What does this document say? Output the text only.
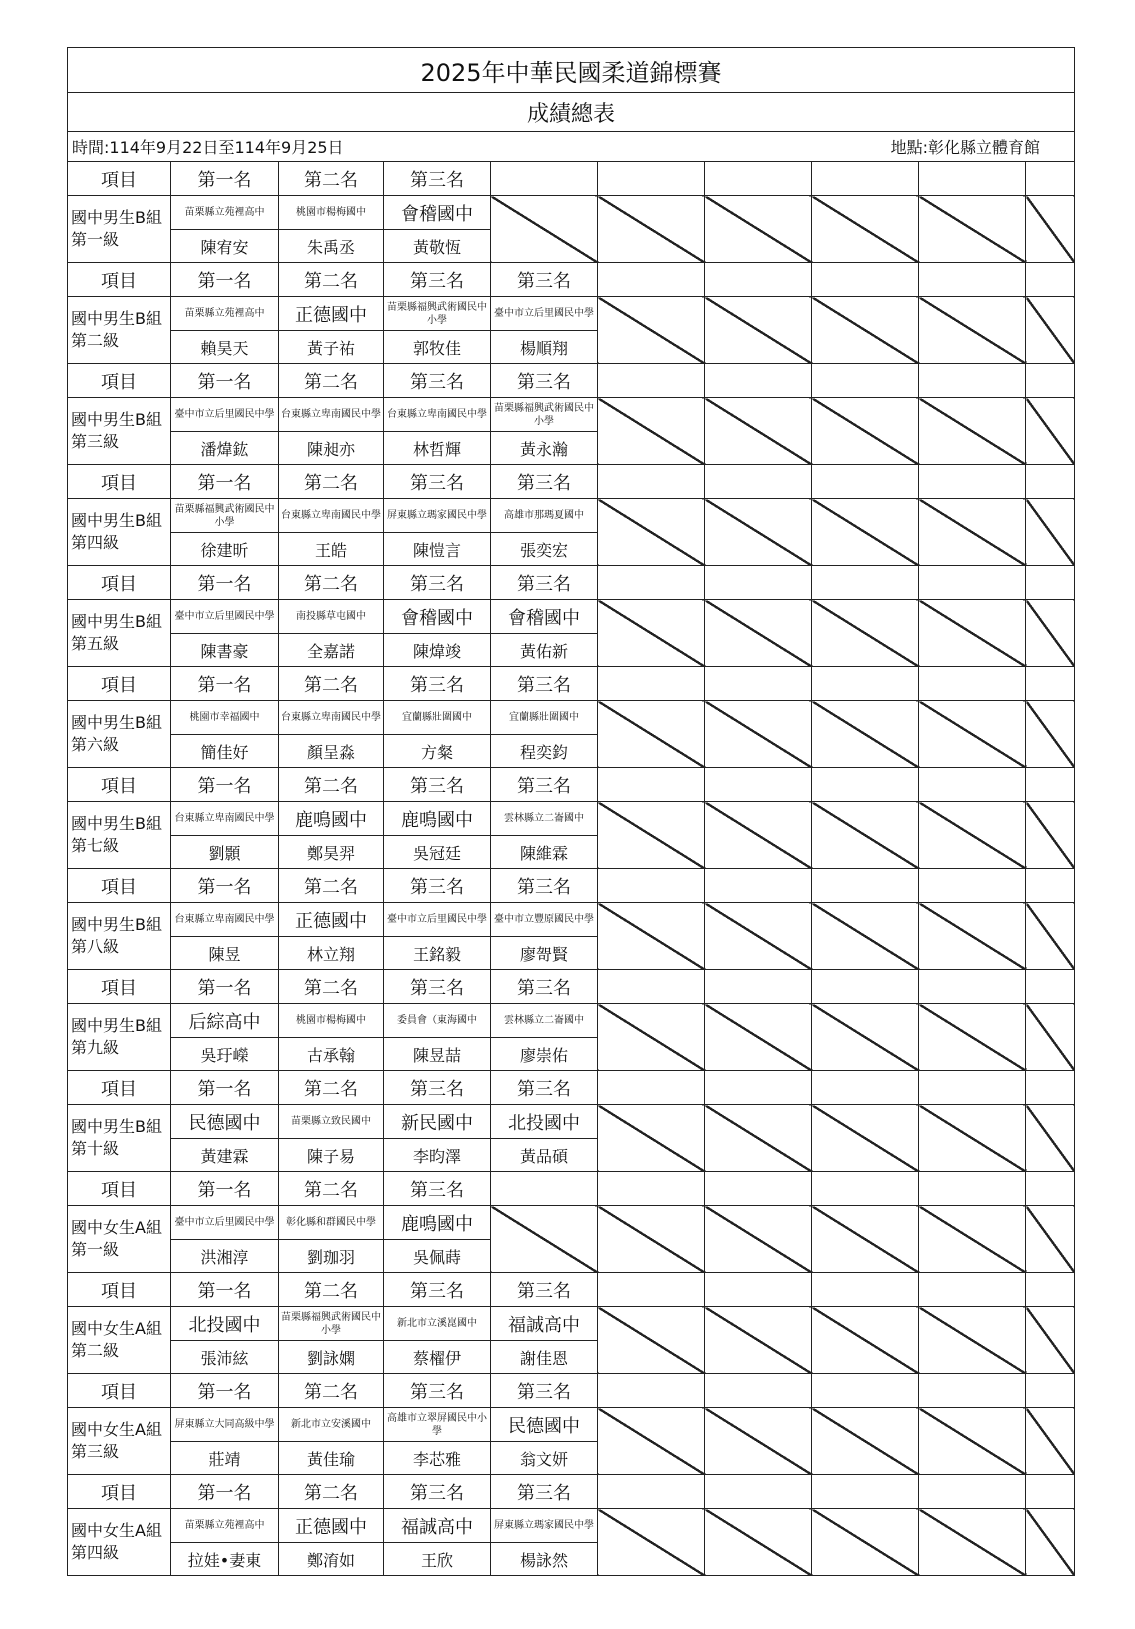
2025年中華民國柔道錦標賽									
成績總表									
時間:114年9月22日至114年9月25日 地點:彰化縣立體育館									

項目	第一名	第二名	第三名						
國中男生B組 第一級	苗栗縣立苑裡高中	桃園市楊梅國中	會稽國中						
	陳宥安	朱禹丞	黃敬恆						
項目	第一名	第二名	第三名	第三名					
國中男生B組 第二級	苗栗縣立苑裡高中	正德國中	苗栗縣福興武術國民中小學	臺中市立后里國民中學					
	賴昊天	黃子祐	郭牧佳	楊順翔					
項目	第一名	第二名	第三名	第三名					
國中男生B組 第三級	臺中市立后里國民中學	台東縣立卑南國民中學	台東縣立卑南國民中學	苗栗縣福興武術國民中小學					
	潘煒鈜	陳昶亦	林哲輝	黃永瀚					
項目	第一名	第二名	第三名	第三名					
國中男生B組 第四級	苗栗縣福興武術國民中小學	台東縣立卑南國民中學	屏東縣立瑪家國民中學	高雄市那瑪夏國中					
	徐建昕	王皓	陳愷言	張奕宏					
項目	第一名	第二名	第三名	第三名					
國中男生B組 第五級	臺中市立后里國民中學	南投縣草屯國中	會稽國中	會稽國中					
	陳書豪	全嘉諾	陳煒竣	黃佑新					
項目	第一名	第二名	第三名	第三名					
國中男生B組 第六級	桃園市幸福國中	台東縣立卑南國民中學	宜蘭縣壯圍國中	宜蘭縣壯圍國中					
	簡佳好	顏呈淼	方粲	程奕鈞					
項目	第一名	第二名	第三名	第三名					
國中男生B組 第七級	台東縣立卑南國民中學	鹿鳴國中	鹿鳴國中	雲林縣立二崙國中					
	劉顥	鄭昊羿	吳冠廷	陳維霖					
項目	第一名	第二名	第三名	第三名					
國中男生B組 第八級	台東縣立卑南國民中學	正德國中	臺中市立后里國民中學	臺中市立豐原國民中學					
	陳昱	林立翔	王銘毅	廖哿賢					
項目	第一名	第二名	第三名	第三名					
國中男生B組 第九級	后綜高中	桃園市楊梅國中	委員會（東海國中	雲林縣立二崙國中					
	吳玗嶸	古承翰	陳昱喆	廖崇佑					
項目	第一名	第二名	第三名	第三名					
國中男生B組 第十級	民德國中	苗栗縣立致民國中	新民國中	北投國中					
	黃建霖	陳子易	李昀澤	黃品碩					
項目	第一名	第二名	第三名						
國中女生A組 第一級	臺中市立后里國民中學	彰化縣和群國民中學	鹿鳴國中						
	洪湘淳	劉珈羽	吳佩蒔						
項目	第一名	第二名	第三名	第三名					
國中女生A組 第二級	北投國中	苗栗縣福興武術國民中小學	新北市立溪崑國中	福誠高中					
	張沛絃	劉詠嫻	蔡櫂伊	謝佳恩					
項目	第一名	第二名	第三名	第三名					
國中女生A組 第三級	屏東縣立大同高級中學	新北市立安溪國中	高雄市立翠屏國民中小學	民德國中					
	莊靖	黃佳瑜	李芯雅	翁文妍					
項目	第一名	第二名	第三名	第三名					
國中女生A組 第四級	苗栗縣立苑裡高中	正德國中	福誠高中	屏東縣立瑪家國民中學					
	拉娃•妻東	鄭淯如	王欣	楊詠然					
